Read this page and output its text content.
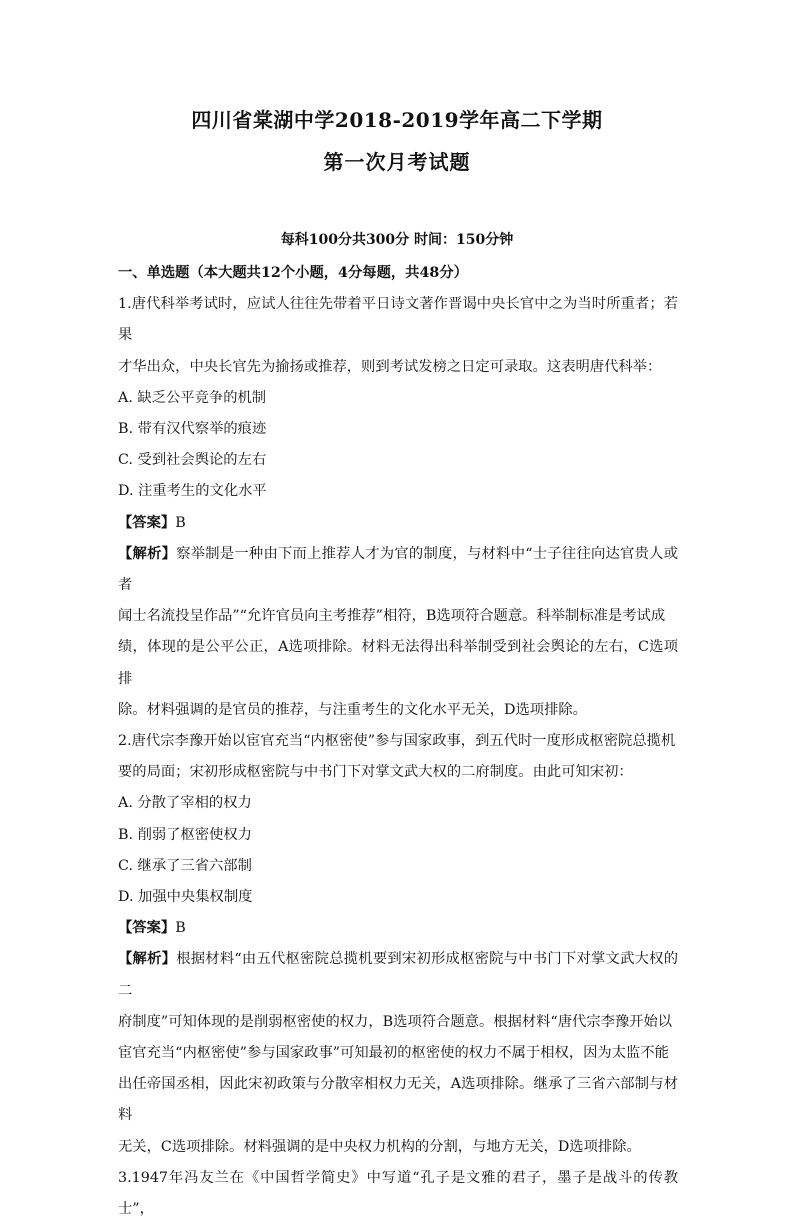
四川省棠湖中学2018-2019学年高二下学期
第一次月考试题
每科100分共300分 时间：150分钟

一、单选题（本大题共12个小题，4分每题，共48分）

1.唐代科举考试时，应试人往往先带着平日诗文著作晋谒中央长官中之为当时所重者；若果

才华出众，中央长官先为揄扬或推荐，则到考试发榜之日定可录取。这表明唐代科举：

A. 缺乏公平竞争的机制

B. 带有汉代察举的痕迹

C. 受到社会舆论的左右

D. 注重考生的文化水平

【答案】B

【解析】察举制是一种由下而上推荐人才为官的制度，与材料中“士子往往向达官贵人或者

闻士名流投呈作品”“允许官员向主考推荐”相符，B选项符合题意。科举制标准是考试成

绩，体现的是公平公正，A选项排除。材料无法得出科举制受到社会舆论的左右，C选项排

除。材料强调的是官员的推荐，与注重考生的文化水平无关，D选项排除。

2.唐代宗李豫开始以宦官充当“内枢密使”参与国家政事，到五代时一度形成枢密院总揽机

要的局面；宋初形成枢密院与中书门下对掌文武大权的二府制度。由此可知宋初：

A. 分散了宰相的权力

B. 削弱了枢密使权力

C. 继承了三省六部制

D. 加强中央集权制度

【答案】B

【解析】根据材料“由五代枢密院总揽机要到宋初形成枢密院与中书门下对掌文武大权的二

府制度”可知体现的是削弱枢密使的权力，B选项符合题意。根据材料“唐代宗李豫开始以

宦官充当“内枢密使”参与国家政事”可知最初的枢密使的权力不属于相权，因为太监不能

出任帝国丞相，因此宋初政策与分散宰相权力无关，A选项排除。继承了三省六部制与材料

无关，C选项排除。材料强调的是中央权力机构的分割，与地方无关，D选项排除。

3.1947年冯友兰在《中国哲学简史》中写道“孔子是文雅的君子，墨子是战斗的传教士”，
